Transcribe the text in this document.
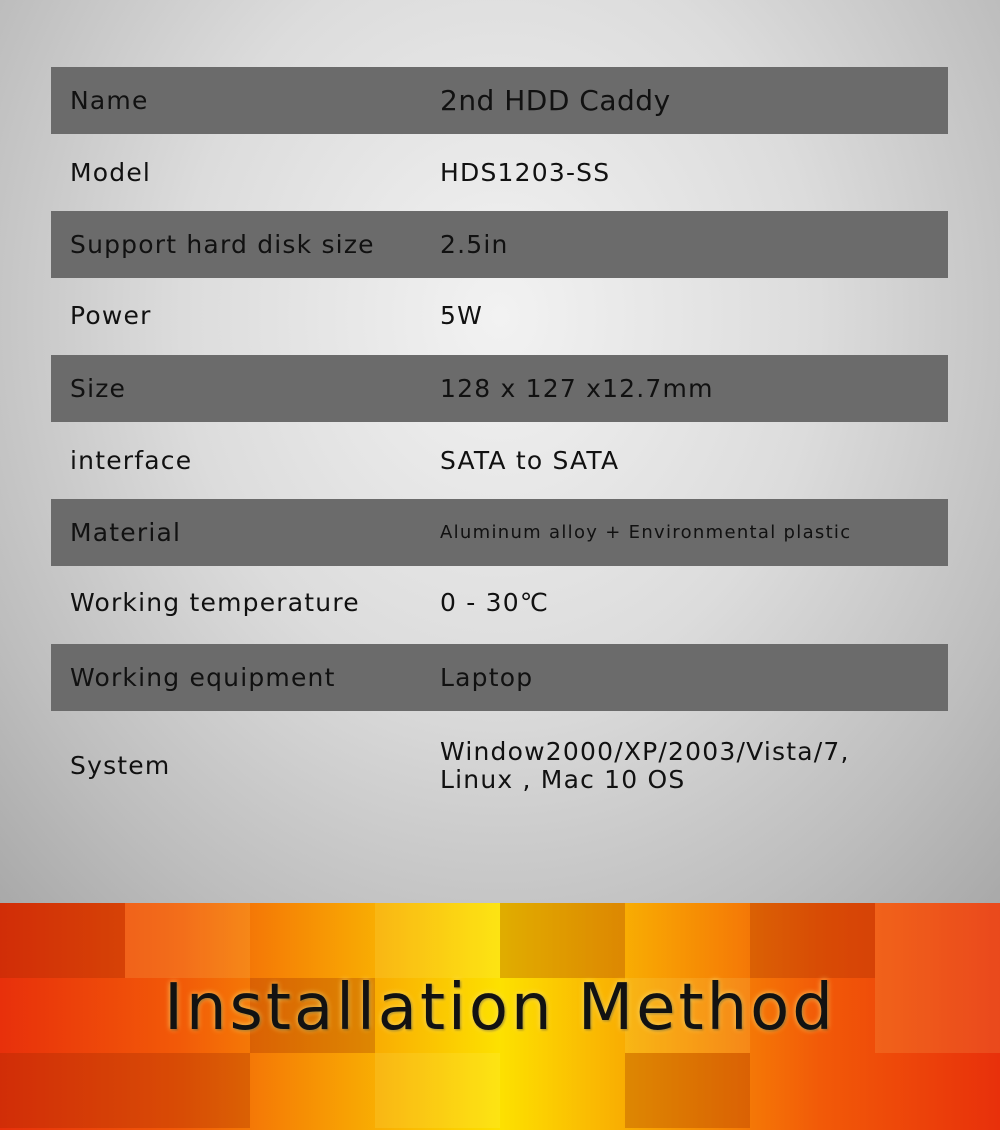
Name	2nd HDD Caddy
Model	HDS1203-SS
Support hard disk size	2.5in
Power	5W
Size	128 x 127 x12.7mm
interface	SATA to SATA
Material	Aluminum alloy + Environmental plastic
Working temperature	0 - 30℃
Working equipment	Laptop
System	Window2000/XP/2003/Vista/7,
Linux , Mac 10 OS
Installation Method
